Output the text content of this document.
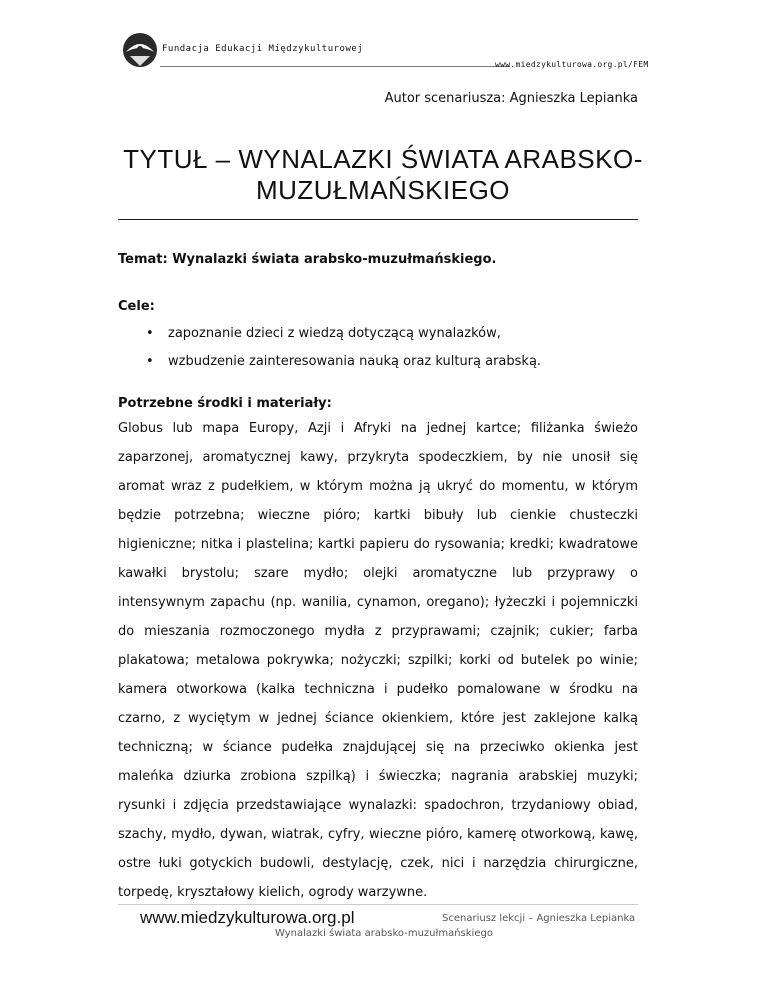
Fundacja Edukacji Międzykulturowej
www.miedzykulturowa.org.pl/FEM
Autor scenariusza: Agnieszka Lepianka
TYTUŁ – WYNALAZKI ŚWIATA ARABSKO-MUZUŁMAŃSKIEGO
Temat: Wynalazki świata arabsko-muzułmańskiego.
Cele:
• zapoznanie dzieci z wiedzą dotyczącą wynalazków,
• wzbudzenie zainteresowania nauką oraz kulturą arabską.
Potrzebne środki i materiały:
Globus lub mapa Europy, Azji i Afryki na jednej kartce; filiżanka świeżo zaparzonej, aromatycznej kawy, przykryta spodeczkiem, by nie unosił się aromat wraz z pudełkiem, w którym można ją ukryć do momentu, w którym będzie potrzebna; wieczne pióro; kartki bibuły lub cienkie chusteczki higieniczne; nitka i plastelina; kartki papieru do rysowania; kredki; kwadratowe kawałki brystolu; szare mydło; olejki aromatyczne lub przyprawy o intensywnym zapachu (np. wanilia, cynamon, oregano); łyżeczki i pojemniczki do mieszania rozmoczonego mydła z przyprawami; czajnik; cukier; farba plakatowa; metalowa pokrywka; nożyczki; szpilki; korki od butelek po winie; kamera otworkowa (kalka techniczna i pudełko pomalowane w środku na czarno, z wyciętym w jednej ściance okienkiem, które jest zaklejone kalką techniczną; w ściance pudełka znajdującej się na przeciwko okienka jest maleńka dziurka zrobiona szpilką) i świeczka; nagrania arabskiej muzyki; rysunki i zdjęcia przedstawiające wynalazki: spadochron, trzydaniowy obiad, szachy, mydło, dywan, wiatrak, cyfry, wieczne pióro, kamerę otworkową, kawę, ostre łuki gotyckich budowli, destylację, czek, nici i narzędzia chirurgiczne, torpedę, kryształowy kielich, ogrody warzywne.
www.miedzykulturowa.org.pl	Scenariusz lekcji – Agnieszka Lepianka
Wynalazki świata arabsko-muzułmańskiego
